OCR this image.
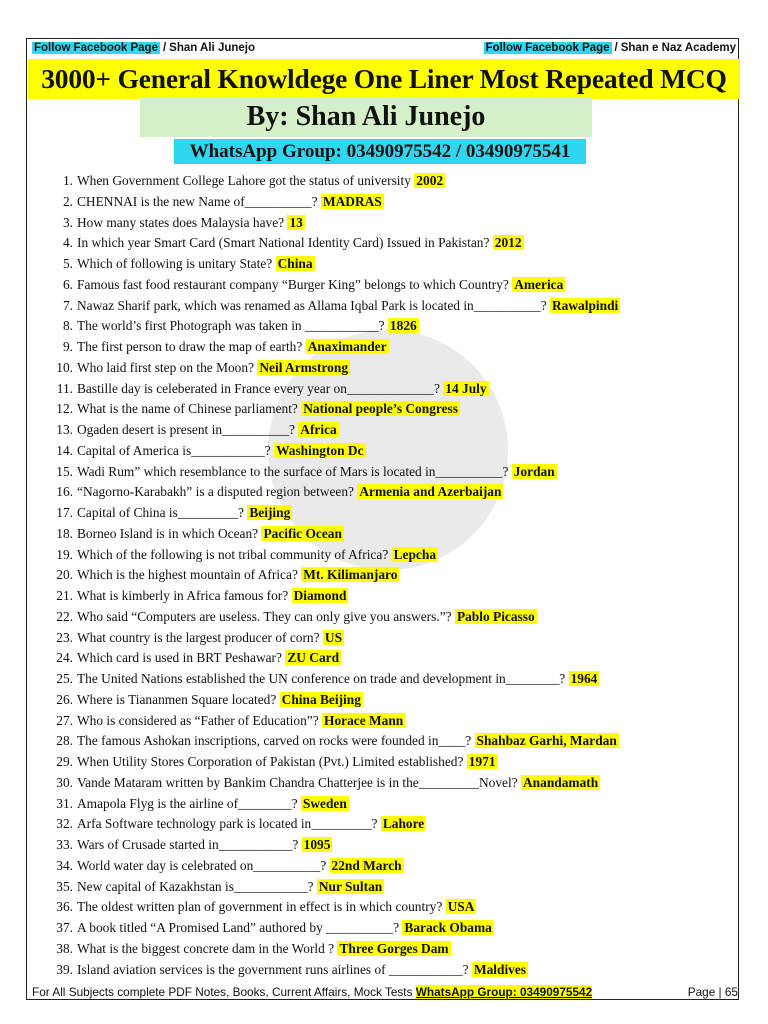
Follow Facebook Page / Shan Ali Junejo	Follow Facebook Page / Shan e Naz Academy
3000+ General Knowldege One Liner Most Repeated MCQ
By: Shan Ali Junejo
WhatsApp Group: 03490975542 / 03490975541
1. When Government College Lahore got the status of university 2002
2. CHENNAI is the new Name of__________? MADRAS
3. How many states does Malaysia have? 13
4. In which year Smart Card (Smart National Identity Card) Issued in Pakistan? 2012
5. Which of following is unitary State? China
6. Famous fast food restaurant company “Burger King” belongs to which Country? America
7. Nawaz Sharif park, which was renamed as Allama Iqbal Park is located in__________? Rawalpindi
8. The world’s first Photograph was taken in ___________? 1826
9. The first person to draw the map of earth? Anaximander
10. Who laid first step on the Moon? Neil Armstrong
11. Bastille day is celeberated in France every year on_____________? 14 July
12. What is the name of Chinese parliament? National people’s Congress
13. Ogaden desert is present in__________? Africa
14. Capital of America is___________? Washington Dc
15. Wadi Rum” which resemblance to the surface of Mars is located in__________? Jordan
16. “Nagorno-Karabakh” is a disputed region between? Armenia and Azerbaijan
17. Capital of China is_________? Beijing
18. Borneo Island is in which Ocean? Pacific Ocean
19. Which of the following is not tribal community of Africa? Lepcha
20. Which is the highest mountain of Africa? Mt. Kilimanjaro
21. What is kimberly in Africa famous for? Diamond
22. Who said “Computers are useless. They can only give you answers.”? Pablo Picasso
23. What country is the largest producer of corn? US
24. Which card is used in BRT Peshawar? ZU Card
25. The United Nations established the UN conference on trade and development in________? 1964
26. Where is Tiananmen Square located? China Beijing
27. Who is considered as “Father of Education”? Horace Mann
28. The famous Ashokan inscriptions, carved on rocks were founded in____? Shahbaz Garhi, Mardan
29. When Utility Stores Corporation of Pakistan (Pvt.) Limited established? 1971
30. Vande Mataram written by Bankim Chandra Chatterjee is in the_________Novel? Anandamath
31. Amapola Flyg is the airline of________? Sweden
32. Arfa Software technology park is located in_________? Lahore
33. Wars of Crusade started in___________? 1095
34. World water day is celebrated on__________? 22nd March
35. New capital of Kazakhstan is___________? Nur Sultan
36. The oldest written plan of government in effect is in which country? USA
37. A book titled “A Promised Land” authored by __________? Barack Obama
38. What is the biggest concrete dam in the World ? Three Gorges Dam
39. Island aviation services is the government runs airlines of ___________? Maldives
For All Subjects complete PDF Notes, Books, Current Affairs, Mock Tests WhatsApp Group: 03490975542	Page | 65
